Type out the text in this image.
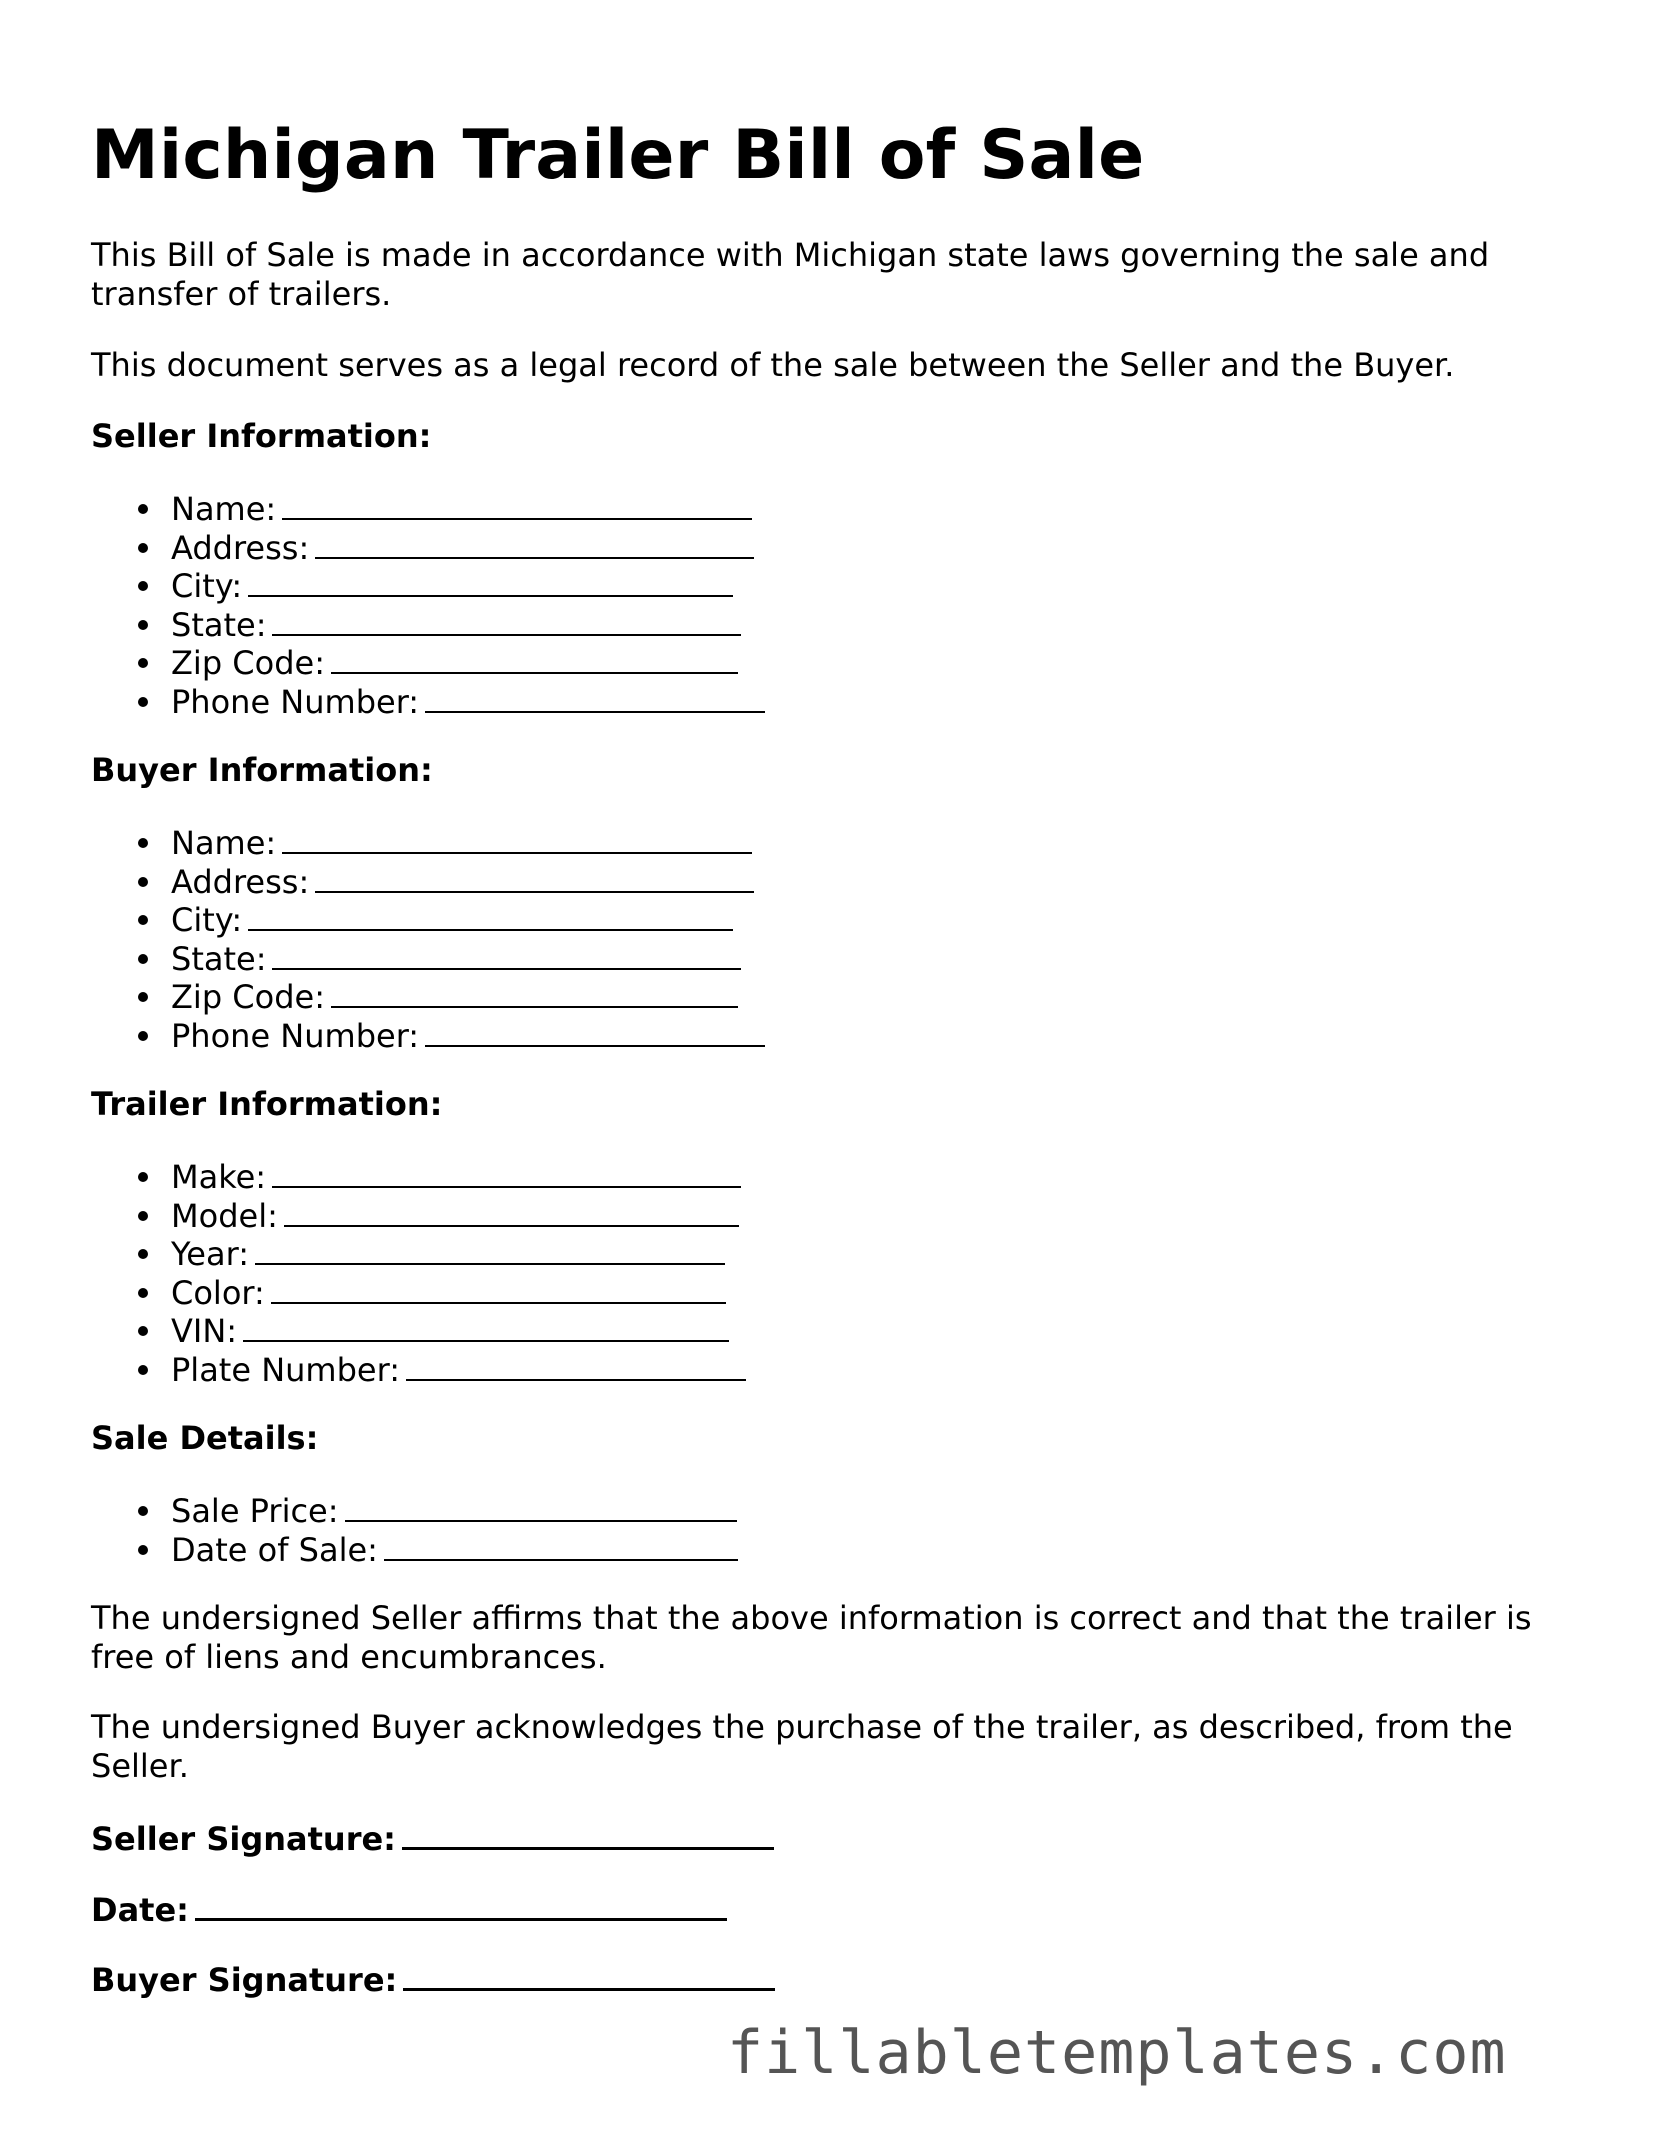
Michigan Trailer Bill of Sale

This Bill of Sale is made in accordance with Michigan state laws governing the sale and transfer of trailers.

This document serves as a legal record of the sale between the Seller and the Buyer.

Seller Information:
Name:
Address:
City:
State:
Zip Code:
Phone Number:
Buyer Information:
Name:
Address:
City:
State:
Zip Code:
Phone Number:
Trailer Information:
Make:
Model:
Year:
Color:
VIN:
Plate Number:
Sale Details:
Sale Price:
Date of Sale:

The undersigned Seller affirms that the above information is correct and that the trailer is free of liens and encumbrances.

The undersigned Buyer acknowledges the purchase of the trailer, as described, from the Seller.

Seller Signature:
Date:
Buyer Signature:
fillabletemplates.com
